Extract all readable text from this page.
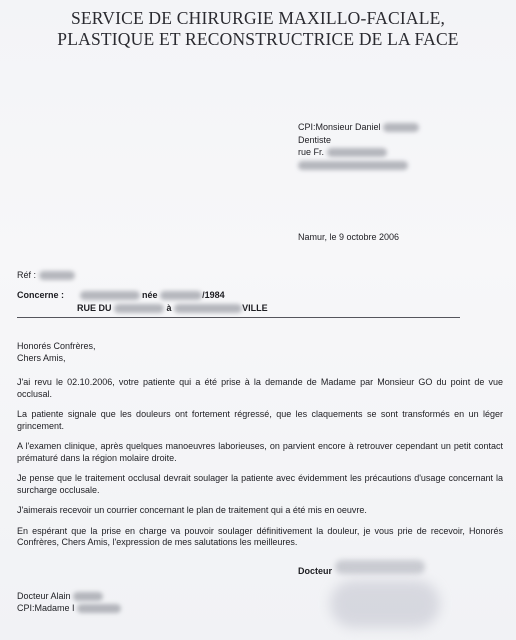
SERVICE DE CHIRURGIE MAXILLO-FACIALE,
PLASTIQUE ET RECONSTRUCTRICE DE LA FACE
CPI:Monsieur Daniel
Dentiste
rue Fr.
Namur, le 9 octobre 2006
Réf :
Concerne :	née	/1984
RUE DU	à	VILLE
Honorés Confrères,
Chers Amis,

J'ai revu le 02.10.2006, votre patiente qui a été prise à la demande de Madame par Monsieur GO du point de vue occlusal.

La patiente signale que les douleurs ont fortement régressé, que les claquements se sont transformés en un léger grincement.

A l'examen clinique, après quelques manoeuvres laborieuses, on parvient encore à retrouver cependant un petit contact prématuré dans la région molaire droite.

Je pense que le traitement occlusal devrait soulager la patiente avec évidemment les précautions d'usage concernant la surcharge occlusale.

J'aimerais recevoir un courrier concernant le plan de traitement qui a été mis en oeuvre.

En espérant que la prise en charge va pouvoir soulager définitivement la douleur, je vous prie de recevoir, Honorés Confrères, Chers Amis, l'expression de mes salutations les meilleures.

Docteur
Docteur Alain
CPI:Madame I
